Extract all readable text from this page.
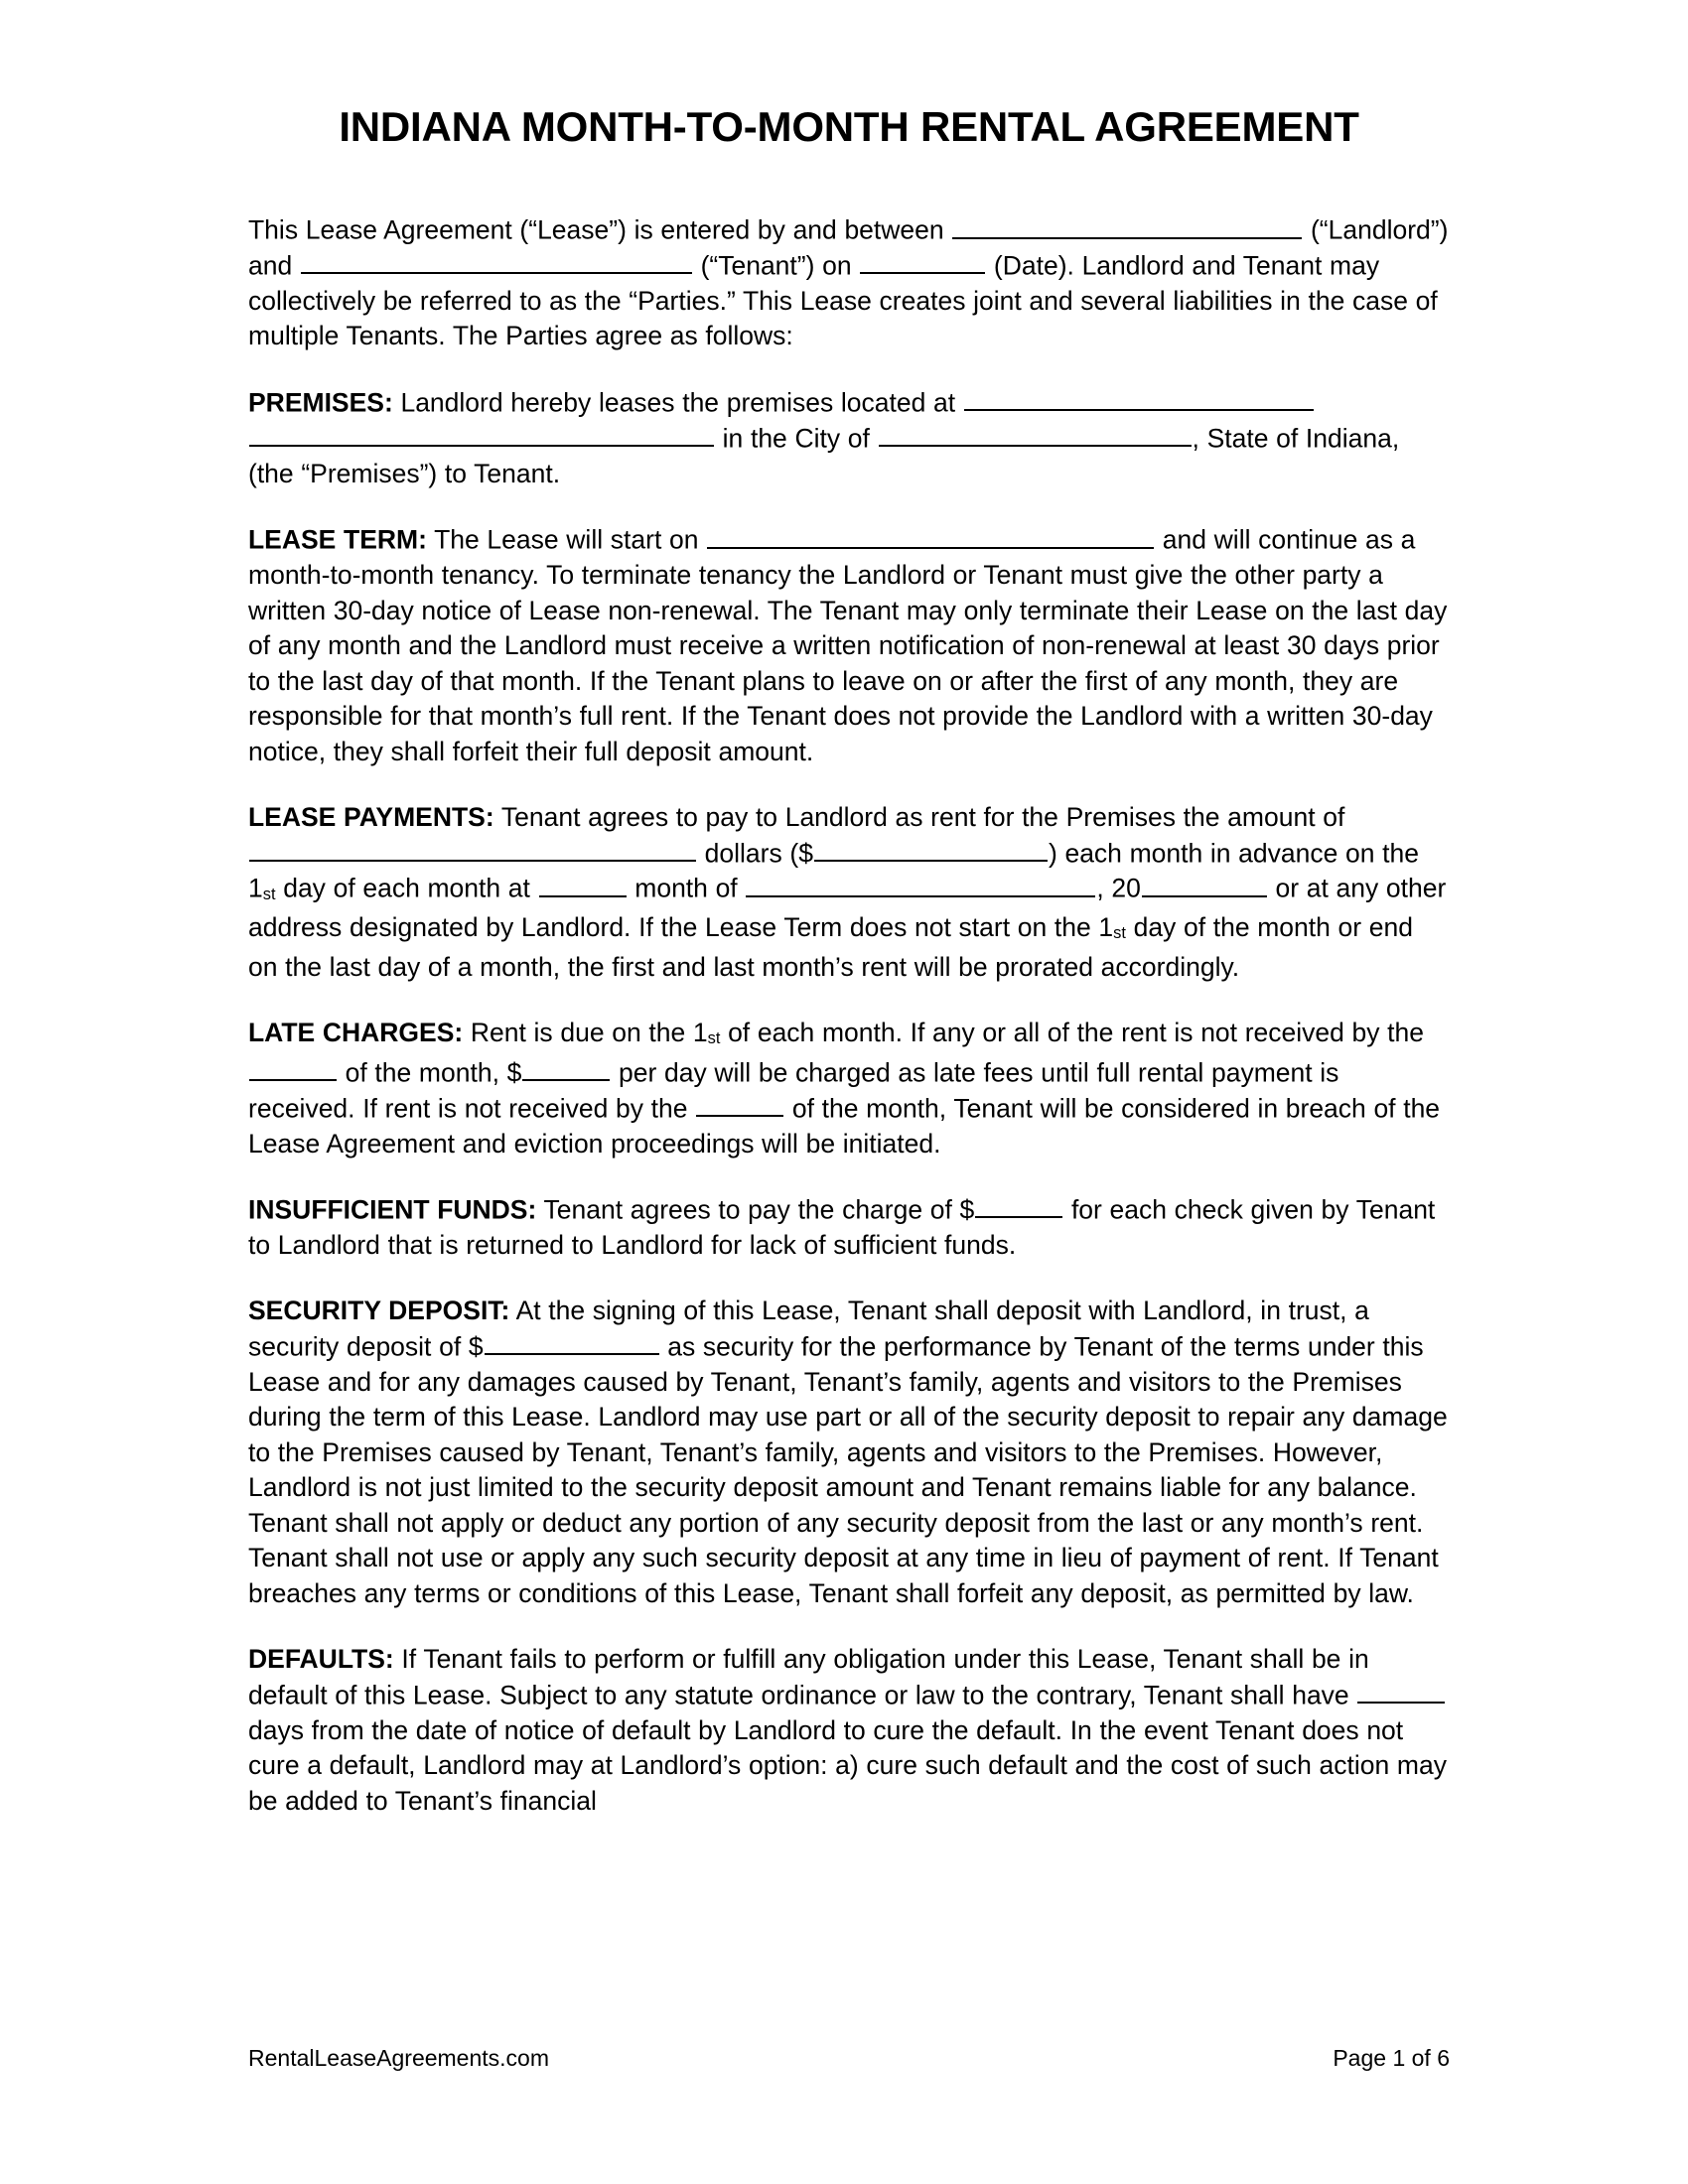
INDIANA MONTH-TO-MONTH RENTAL AGREEMENT

This Lease Agreement (“Lease”) is entered by and between	(“Landlord”) and	(“Tenant”) on	(Date). Landlord and Tenant may collectively be referred to as the “Parties.” This Lease creates joint and several liabilities in the case of multiple Tenants. The Parties agree as follows:

PREMISES: Landlord hereby leases the premises located at   in the City of	, State of Indiana, (the “Premises”) to Tenant.

LEASE TERM: The Lease will start on	and will continue as a month-to-month tenancy. To terminate tenancy the Landlord or Tenant must give the other party a written 30-day notice of Lease non-renewal. The Tenant may only terminate their Lease on the last day of any month and the Landlord must receive a written notification of non-renewal at least 30 days prior to the last day of that month. If the Tenant plans to leave on or after the first of any month, they are responsible for that month’s full rent. If the Tenant does not provide the Landlord with a written 30-day notice, they shall forfeit their full deposit amount.

LEASE PAYMENTS: Tenant agrees to pay to Landlord as rent for the Premises the amount of  dollars ($	) each month in advance on the $1_{st}$ day of each month at	month of	, 20	or at any other address designated by Landlord. If the Lease Term does not start on the $1_{st}$ day of the month or end on the last day of a month, the first and last month’s rent will be prorated accordingly.

LATE CHARGES: Rent is due on the $1_{st}$ of each month. If any or all of the rent is not received by the  of the month, $	per day will be charged as late fees until full rental payment is received. If rent is not received by the	of the month, Tenant will be considered in breach of the Lease Agreement and eviction proceedings will be initiated.

INSUFFICIENT FUNDS: Tenant agrees to pay the charge of $	for each check given by Tenant to Landlord that is returned to Landlord for lack of sufficient funds.

SECURITY DEPOSIT: At the signing of this Lease, Tenant shall deposit with Landlord, in trust, a security deposit of $	as security for the performance by Tenant of the terms under this Lease and for any damages caused by Tenant, Tenant’s family, agents and visitors to the Premises during the term of this Lease. Landlord may use part or all of the security deposit to repair any damage to the Premises caused by Tenant, Tenant’s family, agents and visitors to the Premises. However, Landlord is not just limited to the security deposit amount and Tenant remains liable for any balance. Tenant shall not apply or deduct any portion of any security deposit from the last or any month’s rent. Tenant shall not use or apply any such security deposit at any time in lieu of payment of rent. If Tenant breaches any terms or conditions of this Lease, Tenant shall forfeit any deposit, as permitted by law.

DEFAULTS: If Tenant fails to perform or fulfill any obligation under this Lease, Tenant shall be in default of this Lease. Subject to any statute ordinance or law to the contrary, Tenant shall have  days from the date of notice of default by Landlord to cure the default. In the event Tenant does not cure a default, Landlord may at Landlord’s option: a) cure such default and the cost of such action may be added to Tenant’s financial

RentalLeaseAgreements.com	Page 1 of 6
